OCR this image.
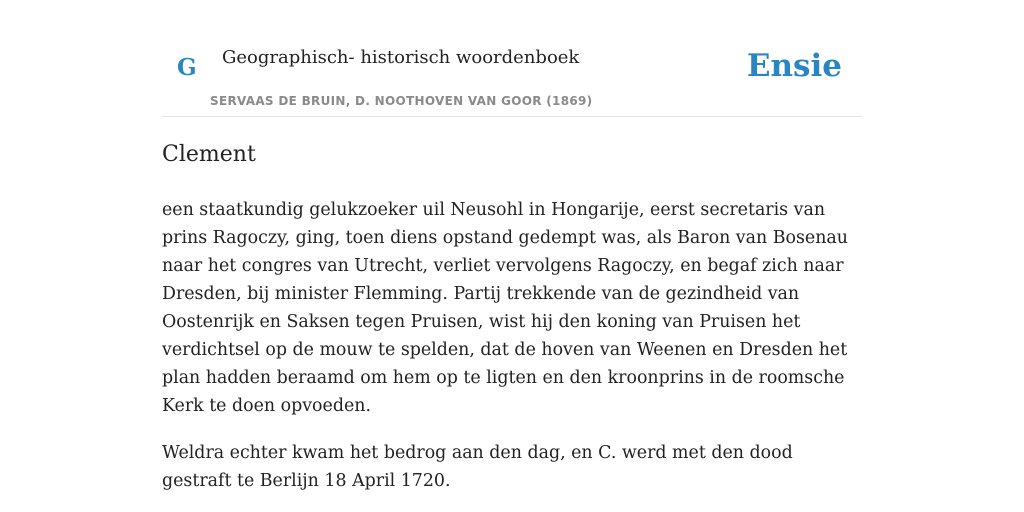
G Geographisch- historisch woordenboek
SERVAAS DE BRUIN, D. NOOTHOVEN VAN GOOR (1869)
Ensie
Clement

een staatkundig gelukzoeker uil Neusohl in Hongarije, eerst secretaris van prins Ragoczy, ging, toen diens opstand gedempt was, als Baron van Bosenau naar het congres van Utrecht, verliet vervolgens Ragoczy, en begaf zich naar Dresden, bij minister Flemming. Partij trekkende van de gezindheid van Oostenrijk en Saksen tegen Pruisen, wist hij den koning van Pruisen het verdichtsel op de mouw te spelden, dat de hoven van Weenen en Dresden het plan hadden beraamd om hem op te ligten en den kroonprins in de roomsche Kerk te doen opvoeden.

Weldra echter kwam het bedrog aan den dag, en C. werd met den dood gestraft te Berlijn 18 April 1720.
